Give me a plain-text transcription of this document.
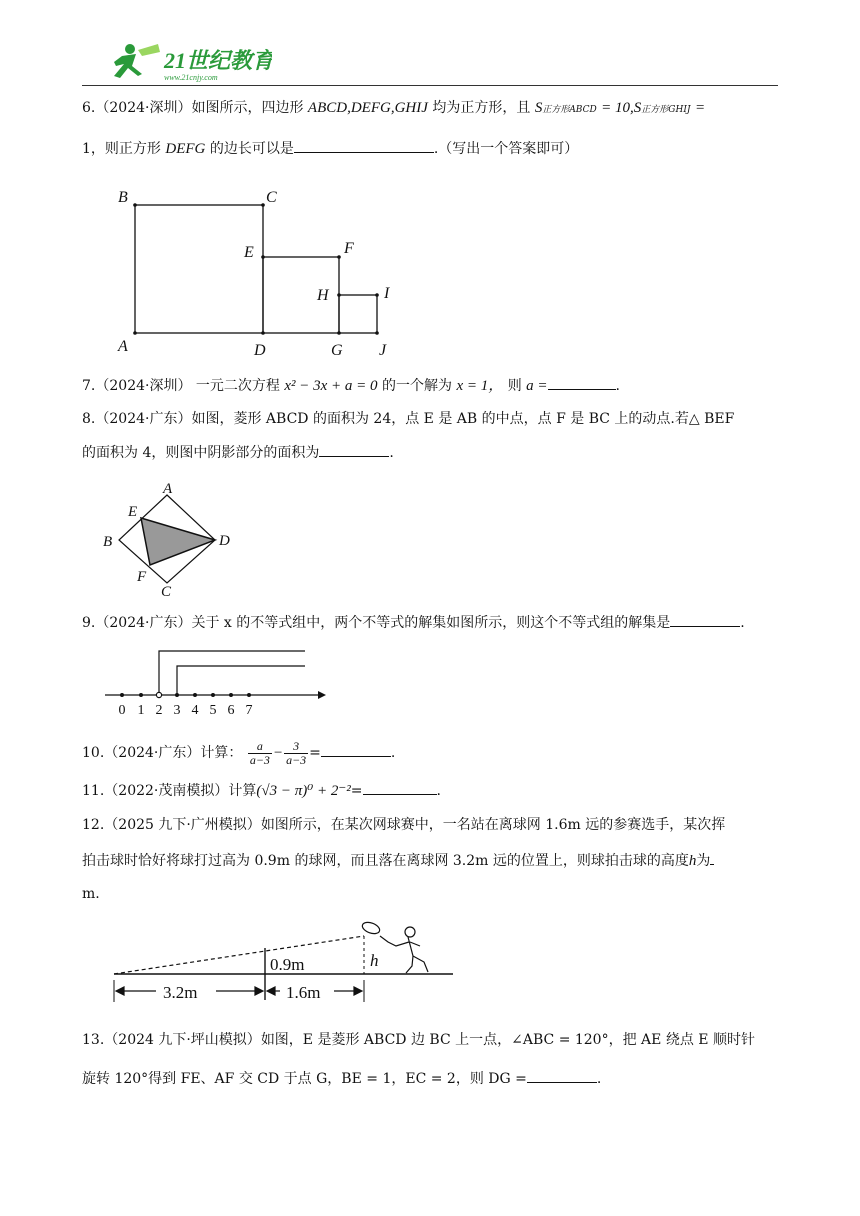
21世纪教育
www.21cnjy.com
6.（2024·深圳）如图所示，四边形 ABCD,DEFG,GHIJ 均为正方形，且 S正方形ABCD = 10,S正方形GHIJ =
1，则正方形 DEFG 的边长可以是	.（写出一个答案即可）
B	C
E	F
H	I
A	D	G J
7.（2024·深圳） 一元二次方程 x² − 3x + a = 0 的一个解为 x = 1， 则 a =	.
8.（2024·广东）如图，菱形 ABCD 的面积为 24，点 E 是 AB 的中点，点 F 是 BC 上的动点.若△ BEF
的面积为 4，则图中阴影部分的面积为	.
A
B
C
D
E
F
9.（2024·广东）关于 x 的不等式组中，两个不等式的解集如图所示，则这个不等式组的解集是	.
0 1 2 3 4 5 6 7
10.（2024·广东）计算： $\frac{a}{a-3} - \frac{3}{a-3}$ =	.
11.（2022·茂南模拟）计算(√3 − π)⁰ + 2⁻²=	.
12.（2025 九下·广州模拟）如图所示，在某次网球赛中，一名站在离球网 1.6m 远的参赛选手，某次挥
拍击球时恰好将球打过高为 0.9m 的球网，而且落在离球网 3.2m 远的位置上，则球拍击球的高度h为
m.
0.9m	h
3.2m	1.6m
13.（2024 九下·坪山模拟）如图，E 是菱形 ABCD 边 BC 上一点，∠ABC = 120°，把 AE 绕点 E 顺时针
旋转 120°得到 FE、AF 交 CD 于点 G，BE = 1，EC = 2，则 DG =	.
